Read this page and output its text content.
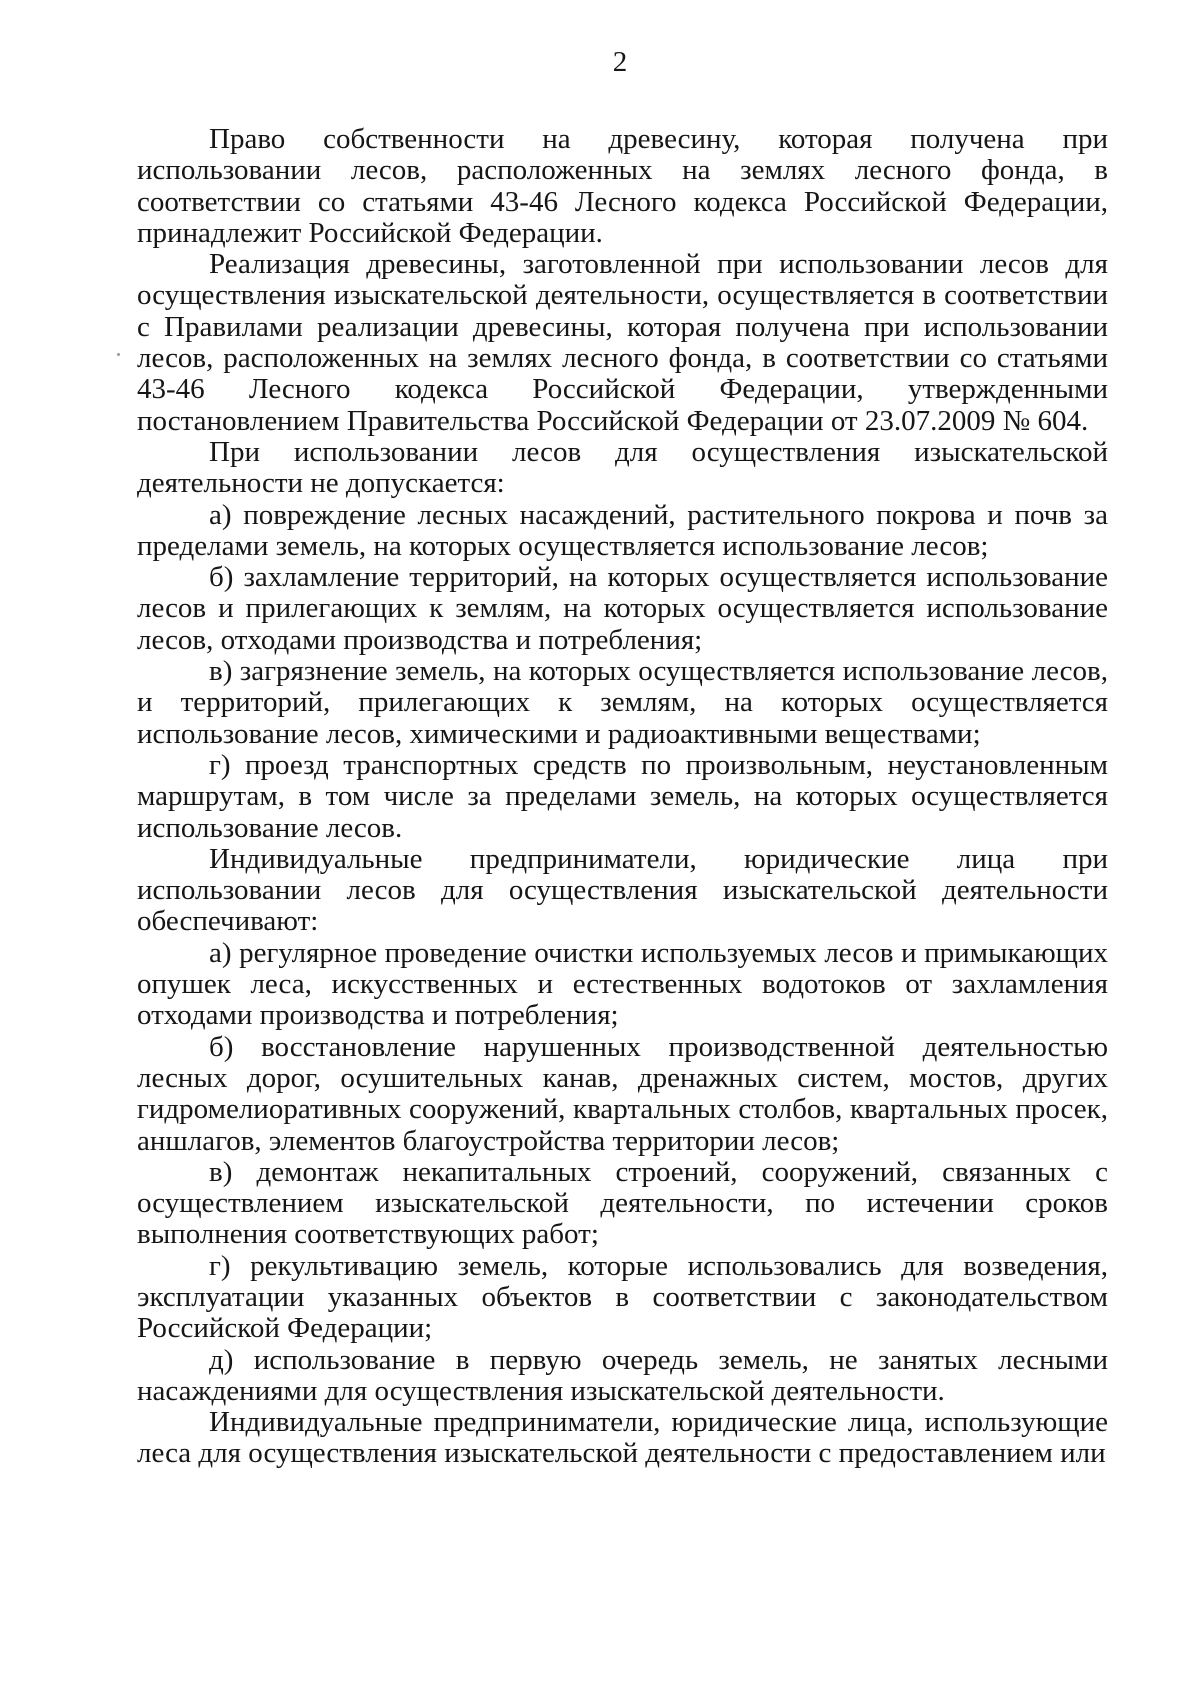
2

Право собственности на древесину, которая получена при использовании лесов, расположенных на землях лесного фонда, в соответствии со статьями 43-46 Лесного кодекса Российской Федерации, принадлежит Российской Федерации.

Реализация древесины, заготовленной при использовании лесов для осуществления изыскательской деятельности, осуществляется в соответствии с Правилами реализации древесины, которая получена при использовании лесов, расположенных на землях лесного фонда, в соответствии со статьями 43-46 Лесного кодекса Российской Федерации, утвержденными постановлением Правительства Российской Федерации от 23.07.2009 № 604.

При использовании лесов для осуществления изыскательской деятельности не допускается:

а) повреждение лесных насаждений, растительного покрова и почв за пределами земель, на которых осуществляется использование лесов;

б) захламление территорий, на которых осуществляется использование лесов и прилегающих к землям, на которых осуществляется использование лесов, отходами производства и потребления;

в) загрязнение земель, на которых осуществляется использование лесов, и территорий, прилегающих к землям, на которых осуществляется использование лесов, химическими и радиоактивными веществами;

г) проезд транспортных средств по произвольным, неустановленным маршрутам, в том числе за пределами земель, на которых осуществляется использование лесов.

Индивидуальные предприниматели, юридические лица при использовании лесов для осуществления изыскательской деятельности обеспечивают:

а) регулярное проведение очистки используемых лесов и примыкающих опушек леса, искусственных и естественных водотоков от захламления отходами производства и потребления;

б) восстановление нарушенных производственной деятельностью лесных дорог, осушительных канав, дренажных систем, мостов, других гидромелиоративных сооружений, квартальных столбов, квартальных просек, аншлагов, элементов благоустройства территории лесов;

в) демонтаж некапитальных строений, сооружений, связанных с осуществлением изыскательской деятельности, по истечении сроков выполнения соответствующих работ;

г) рекультивацию земель, которые использовались для возведения, эксплуатации указанных объектов в соответствии с законодательством Российской Федерации;

д) использование в первую очередь земель, не занятых лесными насаждениями для осуществления изыскательской деятельности.

Индивидуальные предприниматели, юридические лица, использующие леса для осуществления изыскательской деятельности с предоставлением или
